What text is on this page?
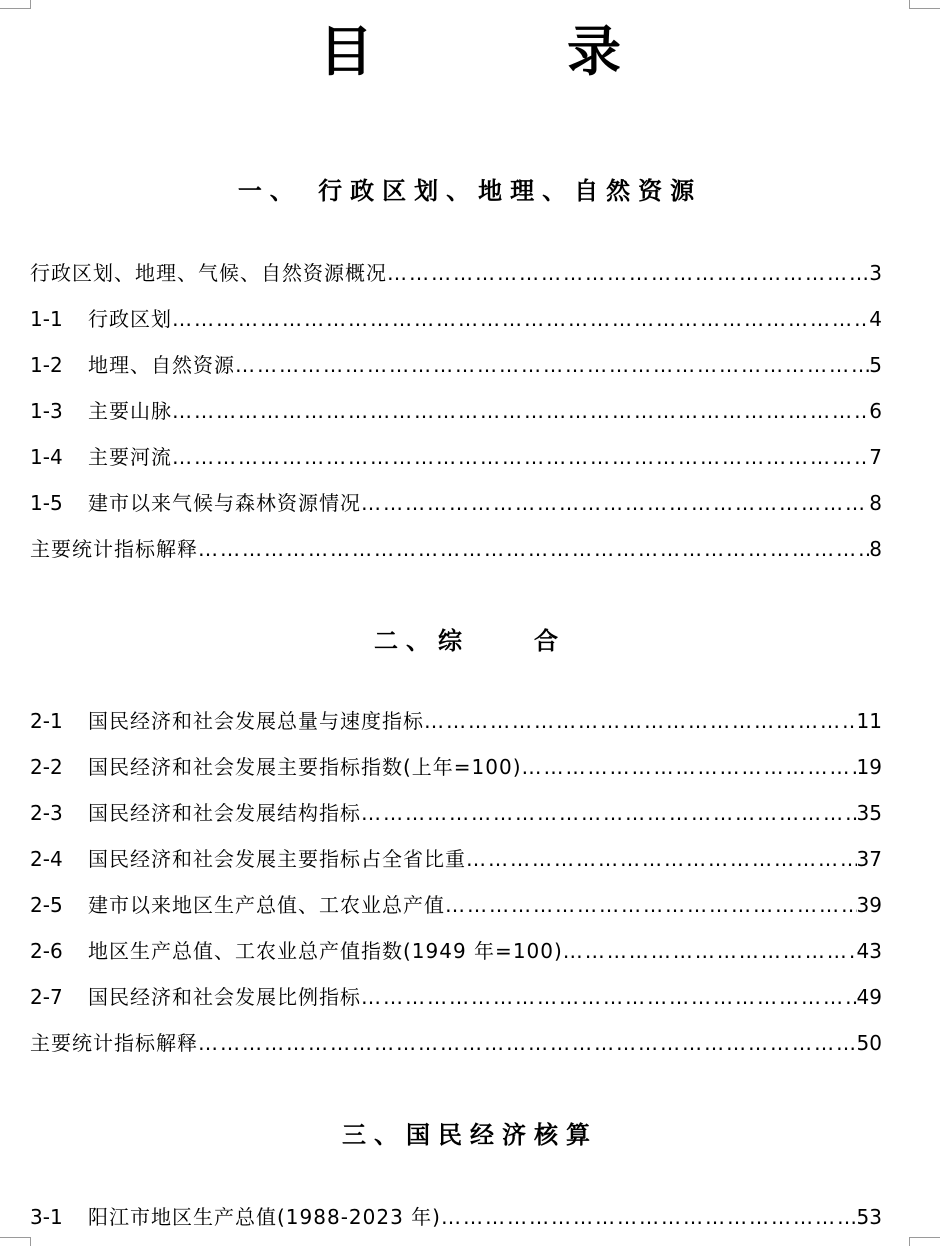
目　录
一、 行政区划、地理、自然资源
行政区划、地理、气候、自然资源概况 ……………………………………………………………………………………………………………………………………………………	3
1-1	行政区划 ……………………………………………………………………………………………………………………………………………………	4
1-2	地理、自然资源 ……………………………………………………………………………………………………………………………………………………	5
1-3	主要山脉 ……………………………………………………………………………………………………………………………………………………	6
1-4	主要河流 ……………………………………………………………………………………………………………………………………………………	7
1-5	建市以来气候与森林资源情况 ……………………………………………………………………………………………………………………………………………………	8
主要统计指标解释 ……………………………………………………………………………………………………………………………………………………	8
二、综　　合
2-1	国民经济和社会发展总量与速度指标 ……………………………………………………………………………………………………………………………………………………	11
2-2	国民经济和社会发展主要指标指数(上年=100) ……………………………………………………………………………………………………………………………………………………	19
2-3	国民经济和社会发展结构指标 ……………………………………………………………………………………………………………………………………………………	35
2-4	国民经济和社会发展主要指标占全省比重 ……………………………………………………………………………………………………………………………………………………	37
2-5	建市以来地区生产总值、工农业总产值 ……………………………………………………………………………………………………………………………………………………	39
2-6	地区生产总值、工农业总产值指数(1949 年=100) ……………………………………………………………………………………………………………………………………………………	43
2-7	国民经济和社会发展比例指标 ……………………………………………………………………………………………………………………………………………………	49
主要统计指标解释 ……………………………………………………………………………………………………………………………………………………	50
三、国民经济核算
3-1	阳江市地区生产总值(1988-2023 年) ……………………………………………………………………………………………………………………………………………………	53
